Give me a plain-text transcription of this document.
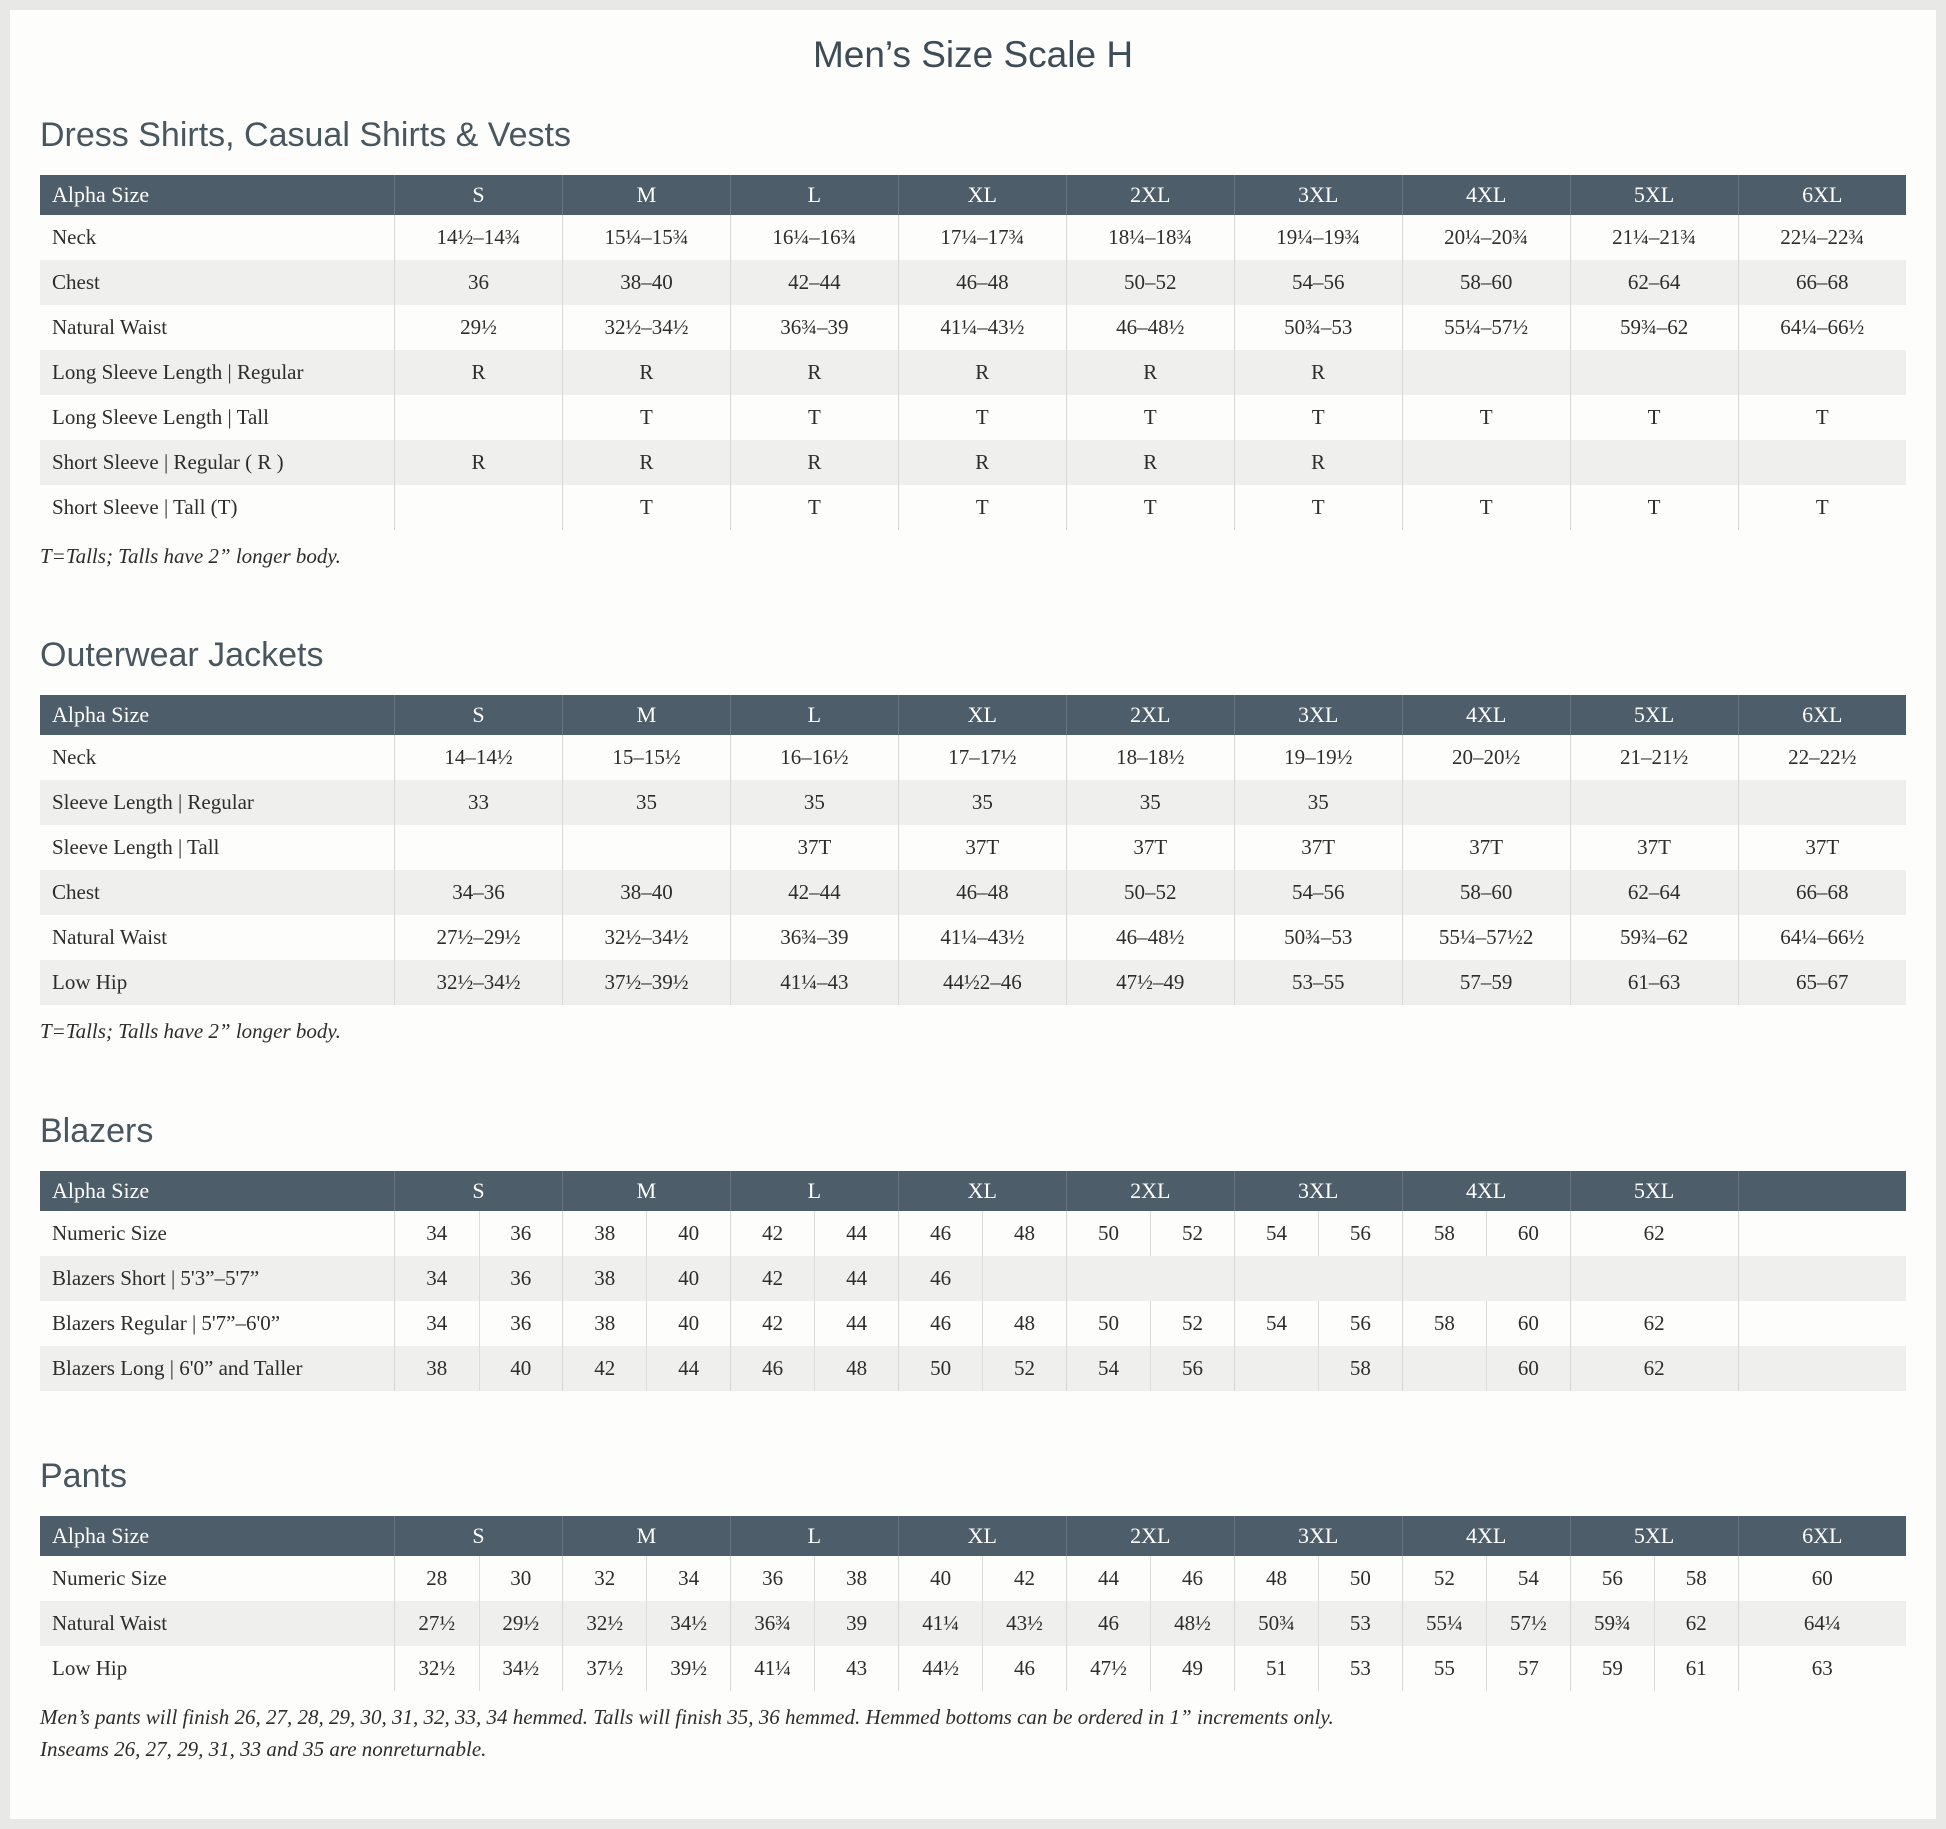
Men’s Size Scale H
Dress Shirts, Casual Shirts & Vests
Alpha Size	S	M	L	XL	2XL	3XL	4XL	5XL	6XL
Neck	14½–14¾	15¼–15¾	16¼–16¾	17¼–17¾	18¼–18¾	19¼–19¾	20¼–20¾	21¼–21¾	22¼–22¾
Chest	36	38–40	42–44	46–48	50–52	54–56	58–60	62–64	66–68
Natural Waist	29½	32½–34½	36¾–39	41¼–43½	46–48½	50¾–53	55¼–57½	59¾–62	64¼–66½
Long Sleeve Length | Regular	R	R	R	R	R	R			
Long Sleeve Length | Tall		T	T	T	T	T	T	T	T
Short Sleeve | Regular ( R )	R	R	R	R	R	R			
Short Sleeve | Tall (T)		T	T	T	T	T	T	T	T

T=Talls; Talls have 2” longer body.

Outerwear Jackets
Alpha Size	S	M	L	XL	2XL	3XL	4XL	5XL	6XL
Neck	14–14½	15–15½	16–16½	17–17½	18–18½	19–19½	20–20½	21–21½	22–22½
Sleeve Length | Regular	33	35	35	35	35	35			
Sleeve Length | Tall			37T	37T	37T	37T	37T	37T	37T
Chest	34–36	38–40	42–44	46–48	50–52	54–56	58–60	62–64	66–68
Natural Waist	27½–29½	32½–34½	36¾–39	41¼–43½	46–48½	50¾–53	55¼–57½2	59¾–62	64¼–66½
Low Hip	32½–34½	37½–39½	41¼–43	44½2–46	47½–49	53–55	57–59	61–63	65–67

T=Talls; Talls have 2” longer body.

Blazers
Alpha Size	S	M	L	XL	2XL	3XL	4XL	5XL	
Numeric Size	34 36	38 40	42 44	46 48	50 52	54 56	58 60	62	
Blazers Short | 5'3”–5'7”	34 36	38 40	42 44	46					

Blazers Regular | 5'7”–6'0”	34 36	38 40	42 44	46 48	50 52	54 56	58 60	62	
Blazers Long | 6'0” and Taller	38 40	42 44	46 48	50 52	54 56	58	60	62	
Pants
Alpha Size	S	M	L	XL	2XL	3XL	4XL	5XL	6XL
Numeric Size	28 30	32 34	36 38	40 42	44 46	48 50	52 54	56 58	60
Natural Waist	27½ 29½	32½ 34½	36¾ 39	41¼ 43½	46 48½	50¾ 53	55¼ 57½	59¾ 62	64¼
Low Hip	32½ 34½	37½ 39½	41¼ 43	44½ 46	47½ 49	51 53	55 57	59 61	63

Men’s pants will finish 26, 27, 28, 29, 30, 31, 32, 33, 34 hemmed. Talls will finish 35, 36 hemmed. Hemmed bottoms can be ordered in 1” increments only.

Inseams 26, 27, 29, 31, 33 and 35 are nonreturnable.
